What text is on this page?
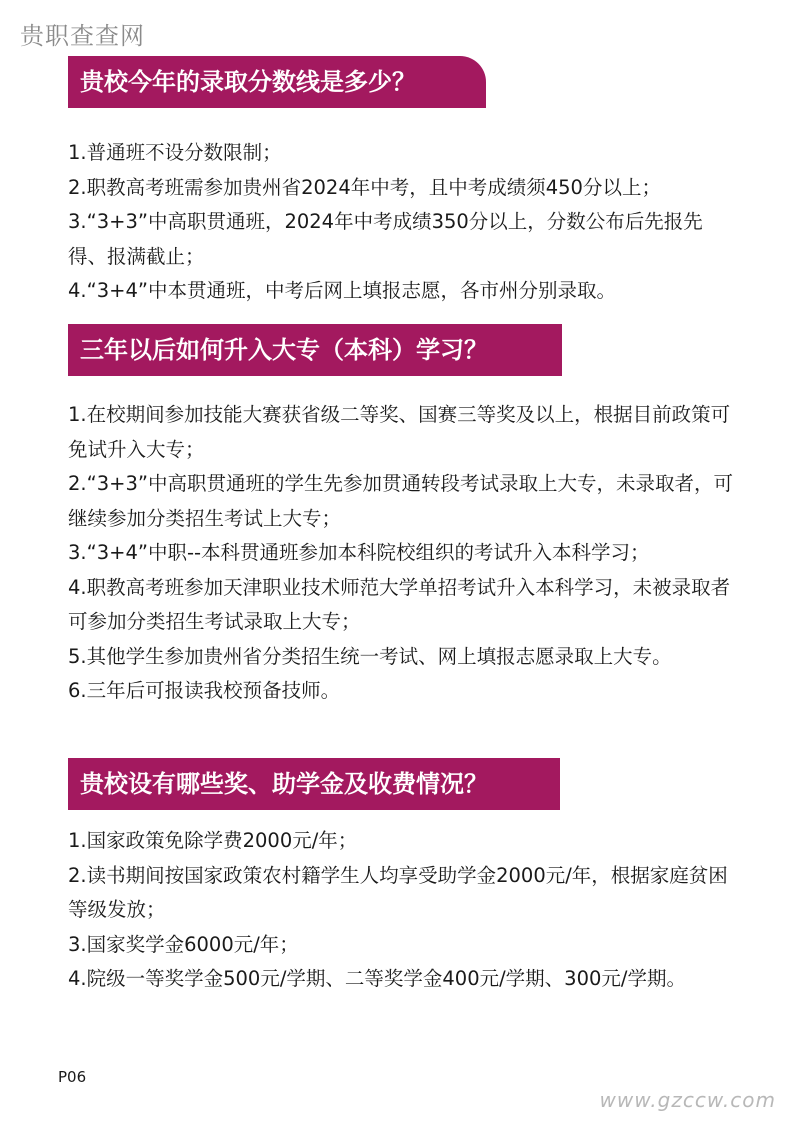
贵职查查网
贵校今年的录取分数线是多少？

1.普通班不设分数限制；

2.职教高考班需参加贵州省2024年中考，且中考成绩须450分以上；

3.“3+3”中高职贯通班，2024年中考成绩350分以上，分数公布后先报先得、报满截止；

4.“3+4”中本贯通班，中考后网上填报志愿，各市州分别录取。

三年以后如何升入大专（本科）学习？

1.在校期间参加技能大赛获省级二等奖、国赛三等奖及以上，根据目前政策可免试升入大专；

2.“3+3”中高职贯通班的学生先参加贯通转段考试录取上大专，未录取者，可继续参加分类招生考试上大专；

3.“3+4”中职--本科贯通班参加本科院校组织的考试升入本科学习；

4.职教高考班参加天津职业技术师范大学单招考试升入本科学习，未被录取者可参加分类招生考试录取上大专；

5.其他学生参加贵州省分类招生统一考试、网上填报志愿录取上大专。

6.三年后可报读我校预备技师。

贵校设有哪些奖、助学金及收费情况？

1.国家政策免除学费2000元/年；

2.读书期间按国家政策农村籍学生人均享受助学金2000元/年，根据家庭贫困等级发放；

3.国家奖学金6000元/年；

4.院级一等奖学金500元/学期、二等奖学金400元/学期、300元/学期。

P06
www.gzccw.com
